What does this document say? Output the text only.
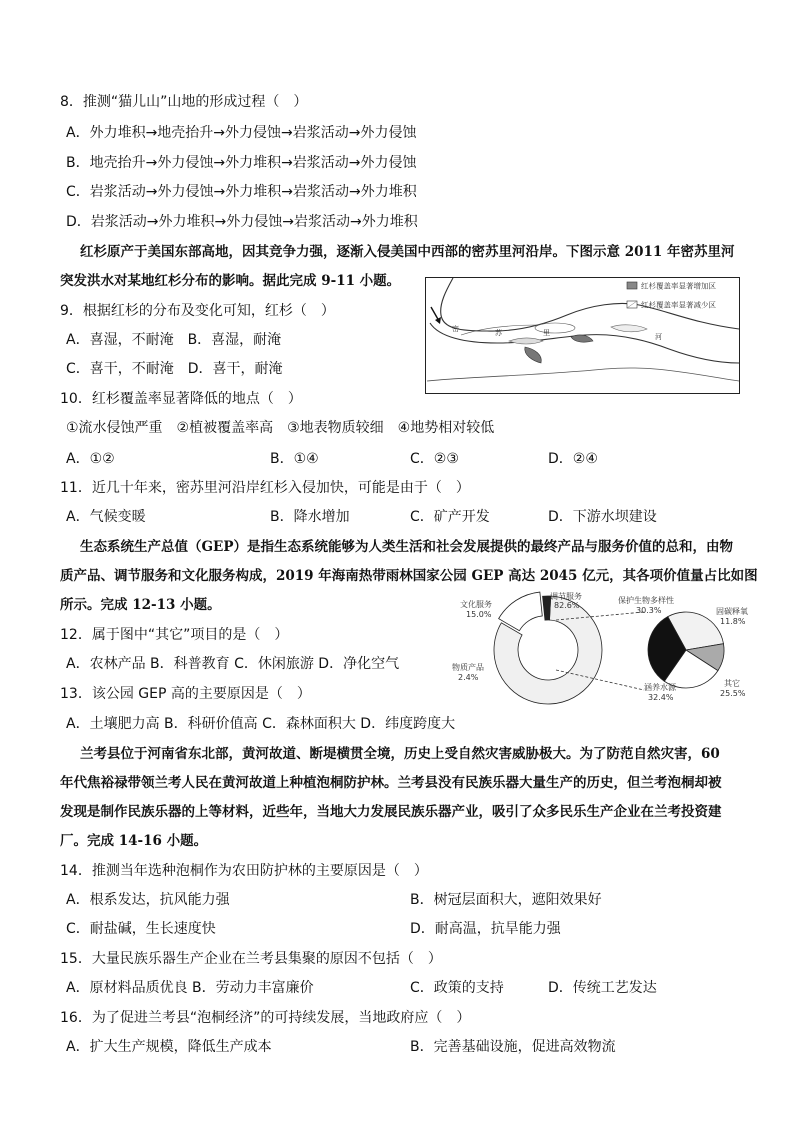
8．推测“猫儿山”山地的形成过程（　）
A．外力堆积→地壳抬升→外力侵蚀→岩浆活动→外力侵蚀
B．地壳抬升→外力侵蚀→外力堆积→岩浆活动→外力侵蚀
C．岩浆活动→外力侵蚀→外力堆积→岩浆活动→外力堆积
D．岩浆活动→外力堆积→外力侵蚀→岩浆活动→外力堆积
红杉原产于美国东部高地，因其竞争力强，逐渐入侵美国中西部的密苏里河沿岸。下图示意 2011 年密苏里河
突发洪水对某地红杉分布的影响。据此完成 9-11 小题。
密	苏	里	河
红杉覆盖率显著增加区
红杉覆盖率显著减少区
9．根据红杉的分布及变化可知，红杉（　）
A．喜湿，不耐淹　B．喜湿，耐淹
C．喜干，不耐淹　D．喜干，耐淹
10．红杉覆盖率显著降低的地点（　）
①流水侵蚀严重　②植被覆盖率高　③地表物质较细　④地势相对较低
A．①②	B．①④	C．②③	D．②④
11．近几十年来，密苏里河沿岸红杉入侵加快，可能是由于（　）
A．气候变暖	B．降水增加	C．矿产开发	D．下游水坝建设
生态系统生产总值（GEP）是指生态系统能够为人类生活和社会发展提供的最终产品与服务价值的总和，由物
质产品、调节服务和文化服务构成，2019 年海南热带雨林国家公园 GEP 高达 2045 亿元，其各项价值量占比如图
所示。完成 12-13 小题。
调节服务
82.6%
文化服务
15.0%
物质产品
2.4%
保护生物多样性
30.3%	固碳释氧
11.8%
其它
25.5%
涵养水源
32.4%
12．属于图中“其它”项目的是（　）
A．农林产品 B．科普教育 C．休闲旅游 D．净化空气
13．该公园 GEP 高的主要原因是（　）
A．土壤肥力高 B．科研价值高 C．森林面积大 D．纬度跨度大
兰考县位于河南省东北部，黄河故道、断堤横贯全境，历史上受自然灾害威胁极大。为了防范自然灾害，60
年代焦裕禄带领兰考人民在黄河故道上种植泡桐防护林。兰考县没有民族乐器大量生产的历史，但兰考泡桐却被
发现是制作民族乐器的上等材料，近些年，当地大力发展民族乐器产业，吸引了众多民乐生产企业在兰考投资建
厂。完成 14-16 小题。
14．推测当年选种泡桐作为农田防护林的主要原因是（　）
A．根系发达，抗风能力强	B．树冠层面积大，遮阳效果好
C．耐盐碱，生长速度快	D．耐高温，抗旱能力强
15．大量民族乐器生产企业在兰考县集聚的原因不包括（　）
A．原材料品质优良 B．劳动力丰富廉价	C．政策的支持	D．传统工艺发达
16．为了促进兰考县“泡桐经济”的可持续发展，当地政府应（　）
A．扩大生产规模，降低生产成本	B．完善基础设施，促进高效物流
